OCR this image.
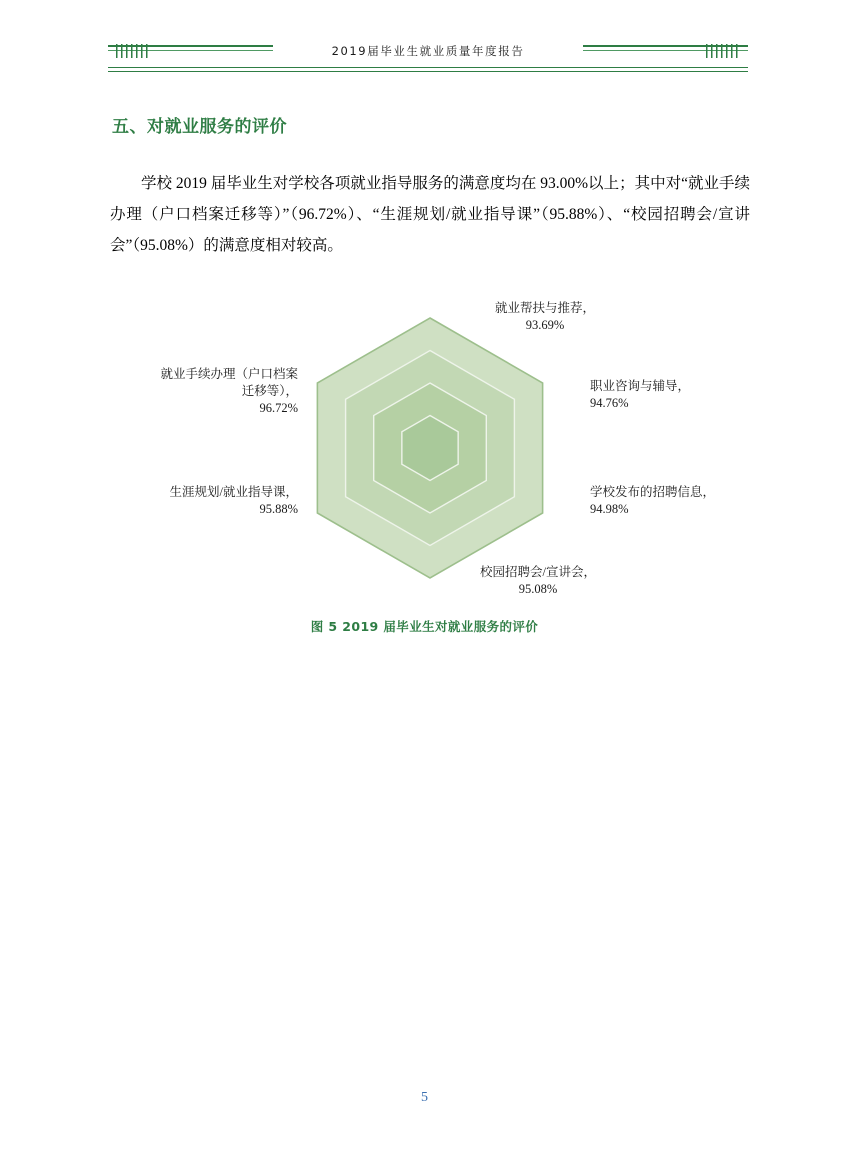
2019届毕业生就业质量年度报告
五、对就业服务的评价
学校 2019 届毕业生对学校各项就业指导服务的满意度均在 93.00%以上；其中对“就业手续办理（户口档案迁移等）”（96.72%）、“生涯规划/就业指导课”（95.88%）、“校园招聘会/宣讲会”（95.08%）的满意度相对较高。
就业帮扶与推荐，
93.69%
职业咨询与辅导，
94.76%
学校发布的招聘信息，
94.98%
校园招聘会/宣讲会，
95.08%
生涯规划/就业指导课，
95.88%
就业手续办理（户口档案
迁移等），
96.72%
图 5 2019 届毕业生对就业服务的评价
5
